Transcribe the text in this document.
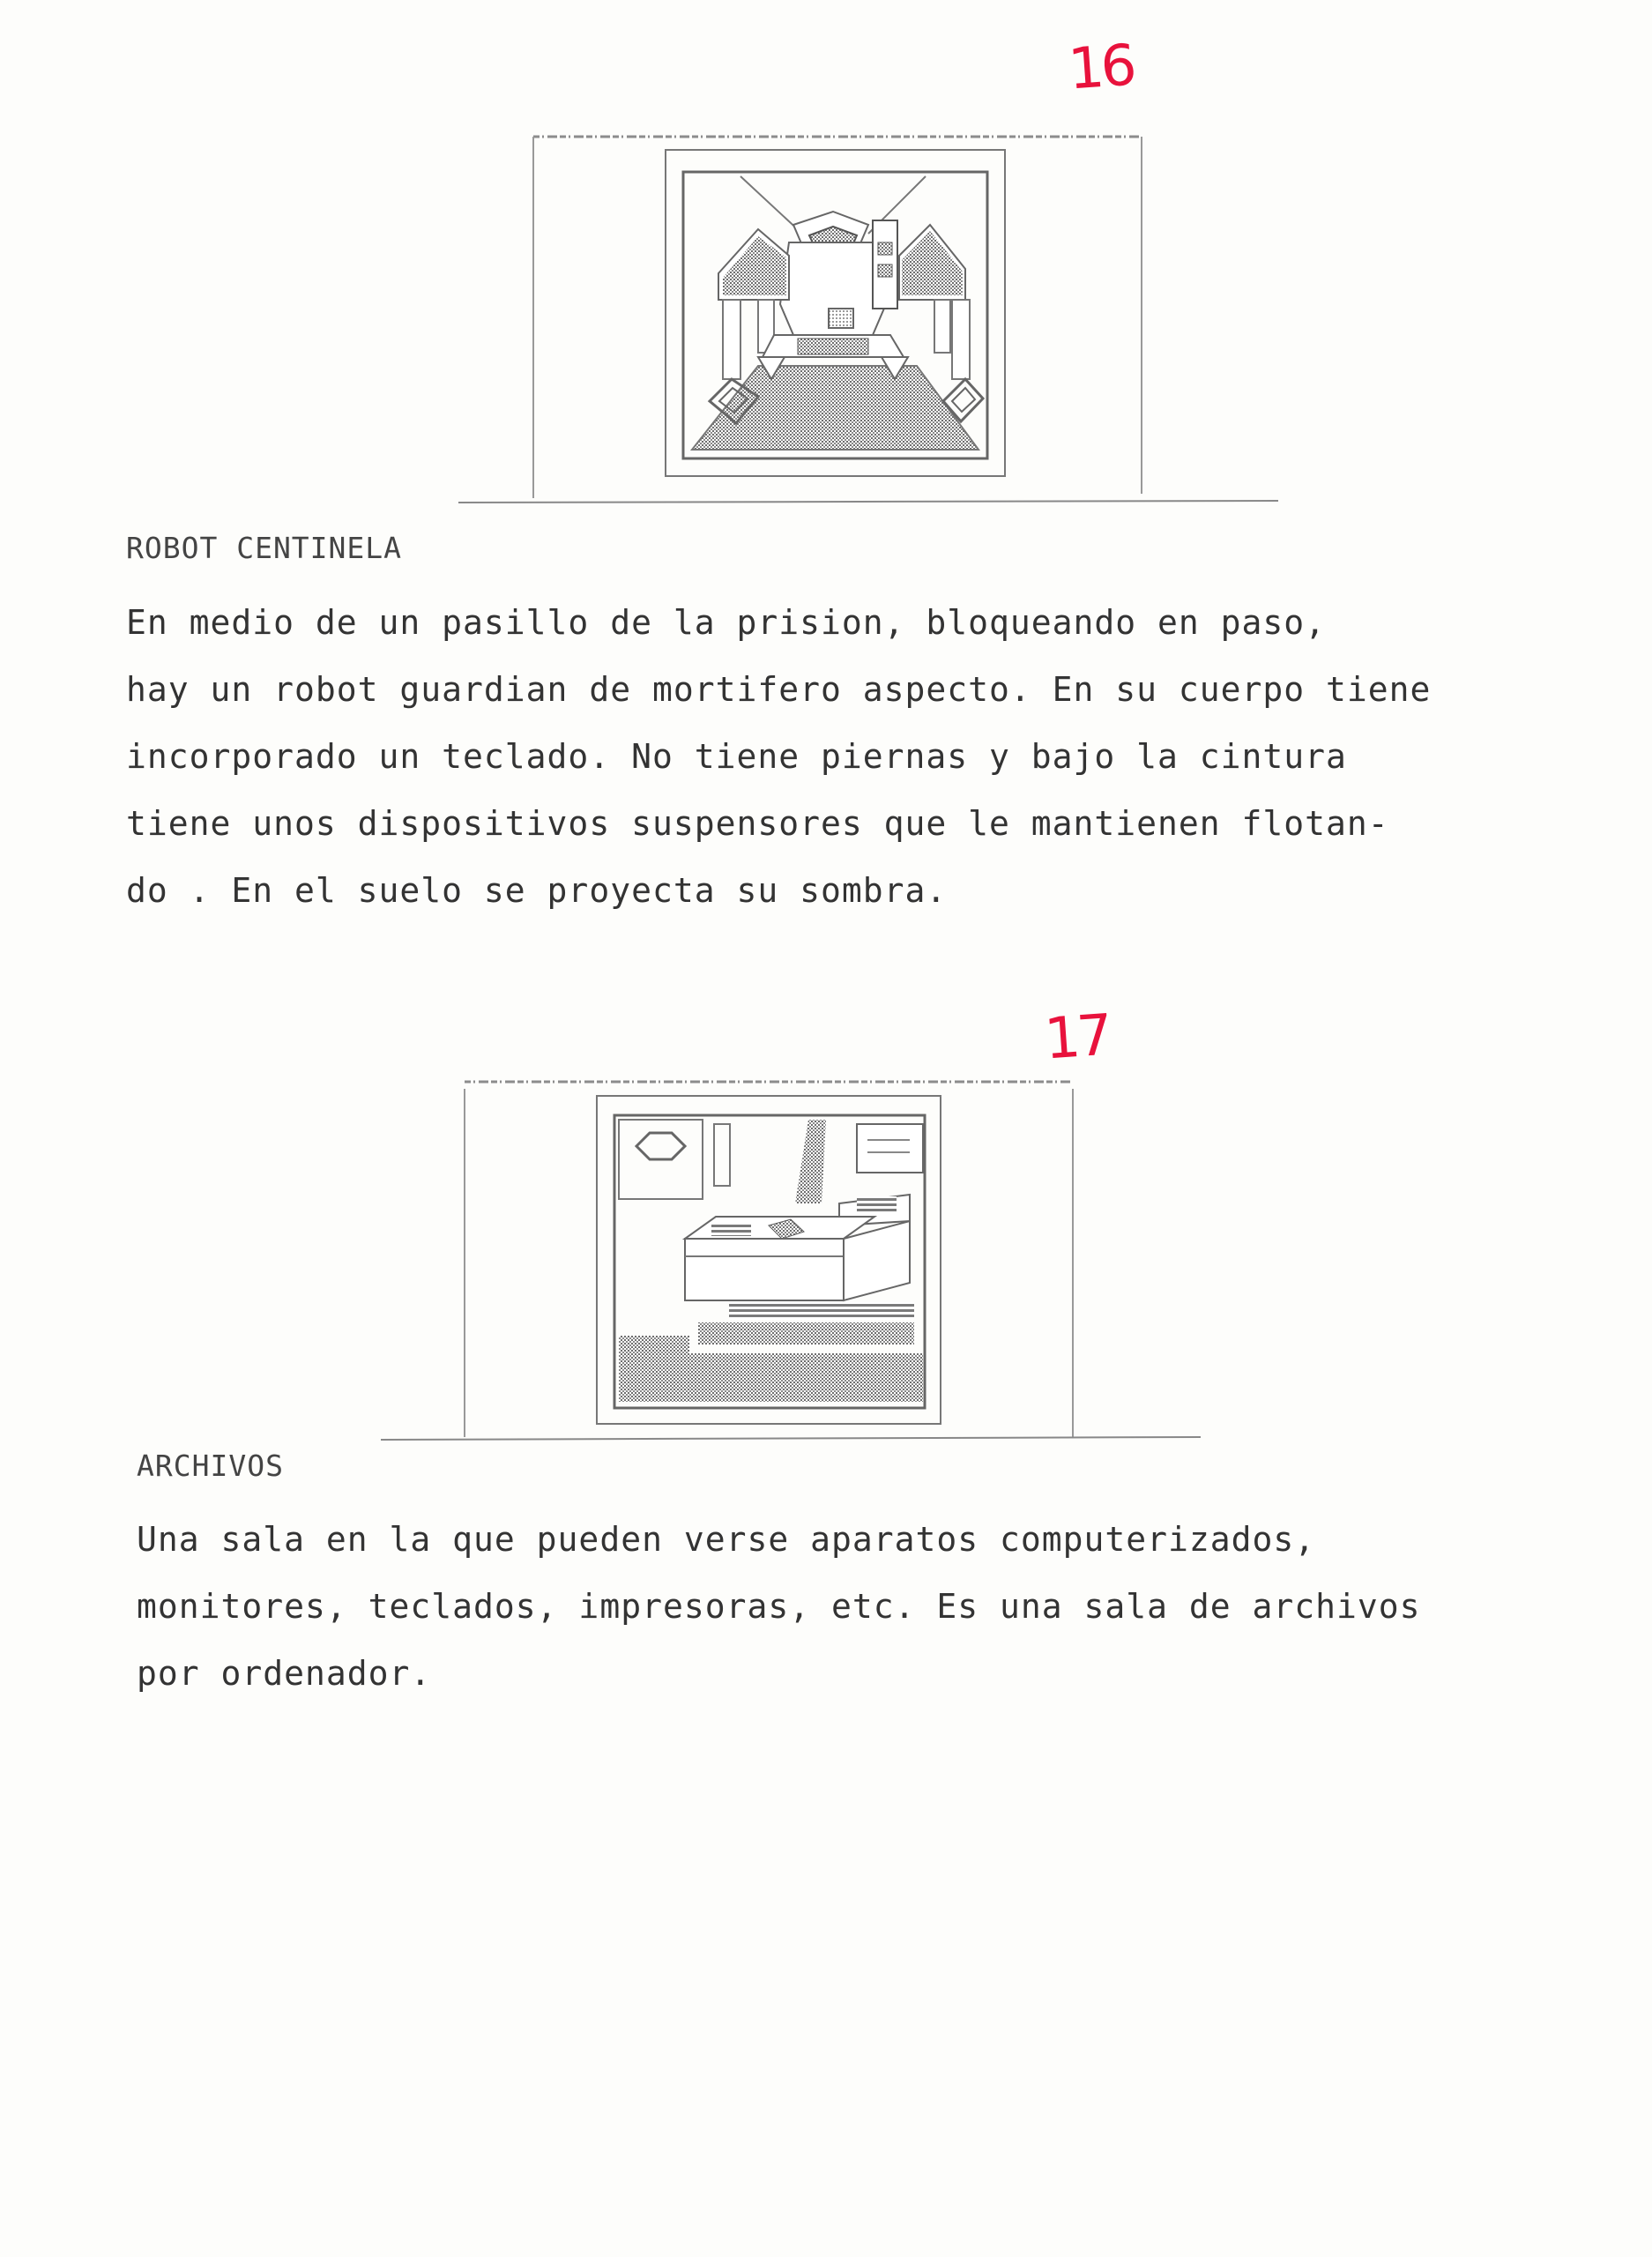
16
ROBOT CENTINELA
En medio de un pasillo de la prision, bloqueando en paso,
hay un robot guardian de mortifero aspecto. En su cuerpo tiene
incorporado un teclado. No tiene piernas y bajo la cintura
tiene unos dispositivos suspensores que le mantienen flotan-
do . En el suelo se proyecta su sombra.
17
ARCHIVOS
Una sala en la que pueden verse aparatos computerizados,
monitores, teclados, impresoras, etc. Es una sala de archivos
por ordenador.
